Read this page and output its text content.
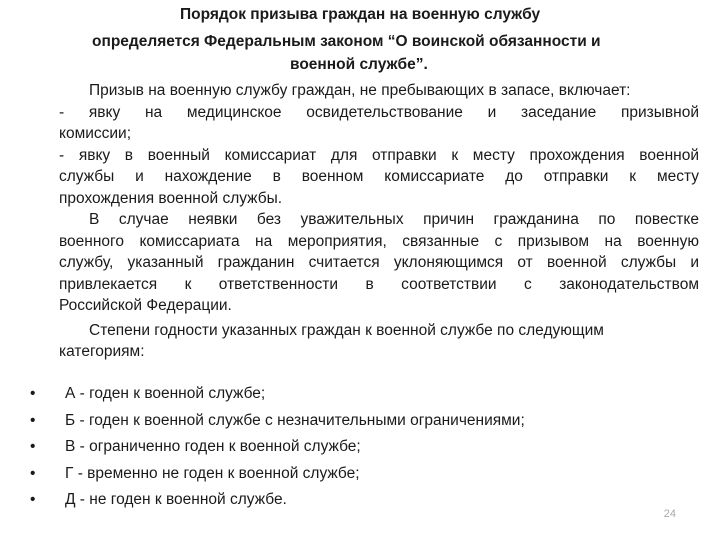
Порядок призыва граждан на военную службу
определяется Федеральным законом “О воинской обязанности и
военной службе”.

Призыв на военную службу граждан, не пребывающих в запасе, включает:

- явку на медицинское освидетельствование и заседание призывной
комиссии;
- явку в военный комиссариат для отправки к месту прохождения военной
службы и нахождение в военном комиссариате до отправки к месту
прохождения военной службы.
В случае неявки без уважительных причин гражданина по повестке
военного комиссариата на мероприятия, связанные с призывом на военную
службу, указанный гражданин считается уклоняющимся от военной службы и
привлекается к ответственности в соответствии с законодательством
Российской Федерации.
Степени годности указанных граждан к военной службе по следующим
категориям:
• А - годен к военной службе;
• Б - годен к военной службе с незначительными ограничениями;
• В - ограниченно годен к военной службе;
• Г - временно не годен к военной службе;
• Д - не годен к военной службе.
24
